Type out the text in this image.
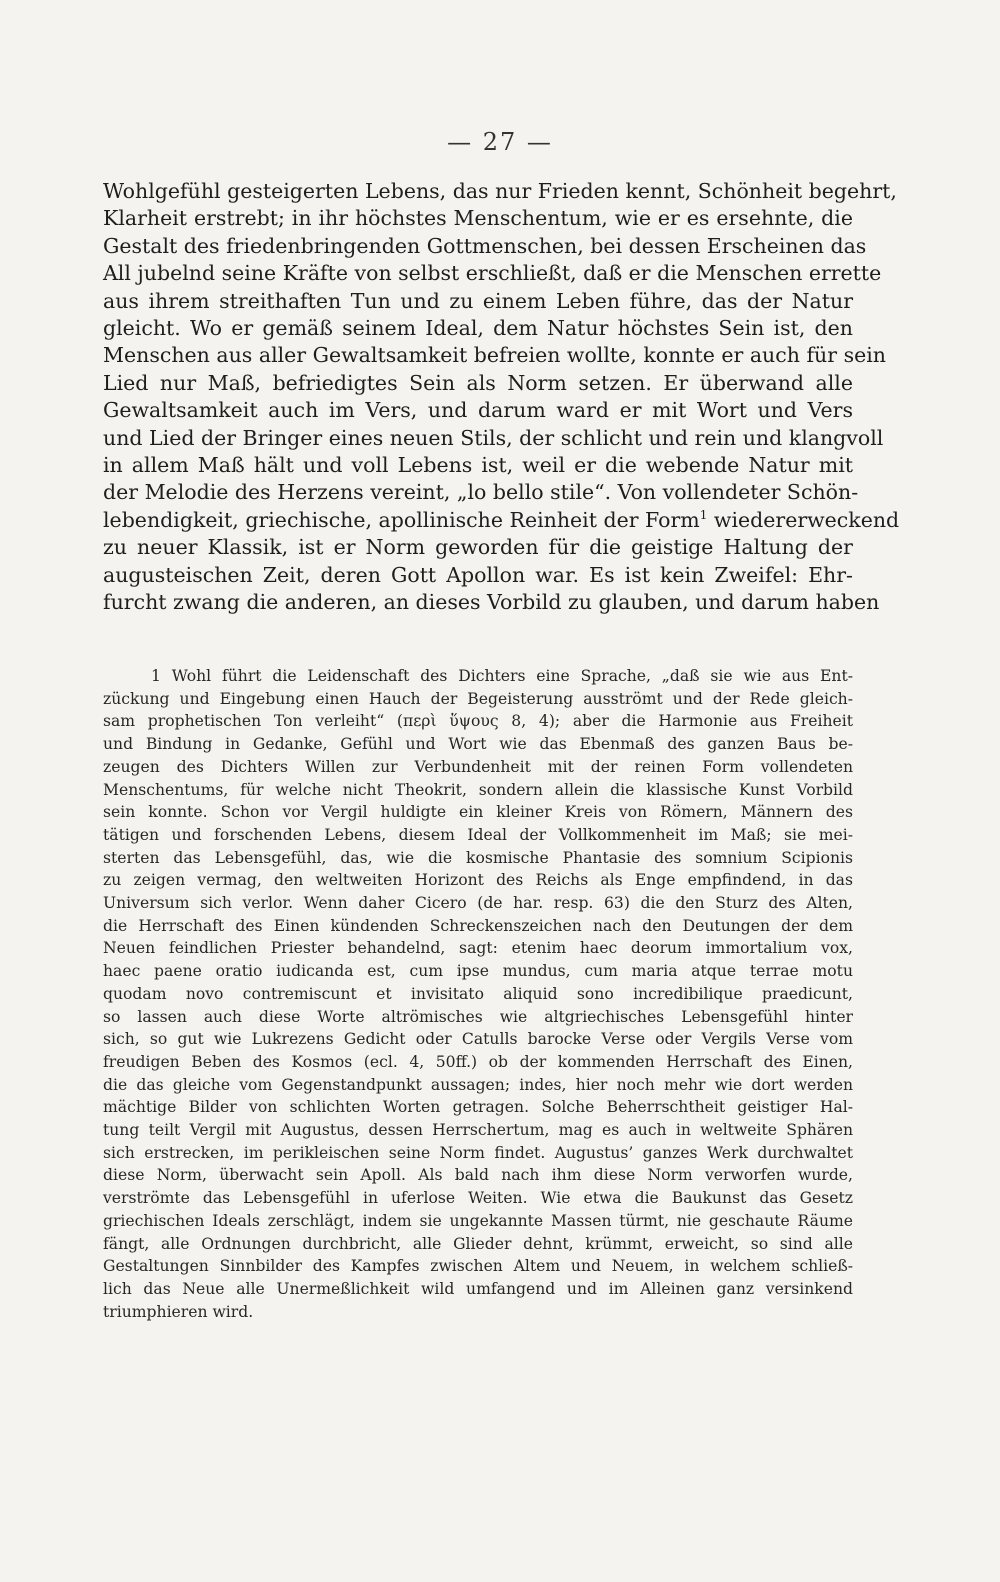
— 27 —

Wohlgefühl gesteigerten Lebens, das nur Frieden kennt, Schönheit begehrt,
Klarheit erstrebt; in ihr höchstes Menschentum, wie er es ersehnte, die
Gestalt des friedenbringenden Gottmenschen, bei dessen Erscheinen das
All jubelnd seine Kräfte von selbst erschließt, daß er die Menschen errette
aus ihrem streithaften Tun und zu einem Leben führe, das der Natur
gleicht. Wo er gemäß seinem Ideal, dem Natur höchstes Sein ist, den
Menschen aus aller Gewaltsamkeit befreien wollte, konnte er auch für sein
Lied nur Maß, befriedigtes Sein als Norm setzen. Er überwand alle
Gewaltsamkeit auch im Vers, und darum ward er mit Wort und Vers
und Lied der Bringer eines neuen Stils, der schlicht und rein und klangvoll
in allem Maß hält und voll Lebens ist, weil er die webende Natur mit
der Melodie des Herzens vereint, „lo bello stile“. Von vollendeter Schön-
lebendigkeit, griechische, apollinische Reinheit der Form$^1$ wiedererweckend
zu neuer Klassik, ist er Norm geworden für die geistige Haltung der
augusteischen Zeit, deren Gott Apollon war. Es ist kein Zweifel: Ehr-
furcht zwang die anderen, an dieses Vorbild zu glauben, und darum haben

1 Wohl führt die Leidenschaft des Dichters eine Sprache, „daß sie wie aus Ent-
zückung und Eingebung einen Hauch der Begeisterung ausströmt und der Rede gleich-
sam prophetischen Ton verleiht“ (περὶ ὕψους 8, 4); aber die Harmonie aus Freiheit
und Bindung in Gedanke, Gefühl und Wort wie das Ebenmaß des ganzen Baus be-
zeugen des Dichters Willen zur Verbundenheit mit der reinen Form vollendeten
Menschentums, für welche nicht Theokrit, sondern allein die klassische Kunst Vorbild
sein konnte. Schon vor Vergil huldigte ein kleiner Kreis von Römern, Männern des
tätigen und forschenden Lebens, diesem Ideal der Vollkommenheit im Maß; sie mei-
sterten das Lebensgefühl, das, wie die kosmische Phantasie des somnium Scipionis
zu zeigen vermag, den weltweiten Horizont des Reichs als Enge empfindend, in das
Universum sich verlor. Wenn daher Cicero (de har. resp. 63) die den Sturz des Alten,
die Herrschaft des Einen kündenden Schreckenszeichen nach den Deutungen der dem
Neuen feindlichen Priester behandelnd, sagt: etenim haec deorum immortalium vox,
haec paene oratio iudicanda est, cum ipse mundus, cum maria atque terrae motu
quodam novo contremiscunt et invisitato aliquid sono incredibilique praedicunt,
so lassen auch diese Worte altrömisches wie altgriechisches Lebensgefühl hinter
sich, so gut wie Lukrezens Gedicht oder Catulls barocke Verse oder Vergils Verse vom
freudigen Beben des Kosmos (ecl. 4, 50ff.) ob der kommenden Herrschaft des Einen,
die das gleiche vom Gegenstandpunkt aussagen; indes, hier noch mehr wie dort werden
mächtige Bilder von schlichten Worten getragen. Solche Beherrschtheit geistiger Hal-
tung teilt Vergil mit Augustus, dessen Herrschertum, mag es auch in weltweite Sphären
sich erstrecken, im perikleischen seine Norm findet. Augustus’ ganzes Werk durchwaltet
diese Norm, überwacht sein Apoll. Als bald nach ihm diese Norm verworfen wurde,
verströmte das Lebensgefühl in uferlose Weiten. Wie etwa die Baukunst das Gesetz
griechischen Ideals zerschlägt, indem sie ungekannte Massen türmt, nie geschaute Räume
fängt, alle Ordnungen durchbricht, alle Glieder dehnt, krümmt, erweicht, so sind alle
Gestaltungen Sinnbilder des Kampfes zwischen Altem und Neuem, in welchem schließ-
lich das Neue alle Unermeßlichkeit wild umfangend und im Alleinen ganz versinkend
triumphieren wird.
